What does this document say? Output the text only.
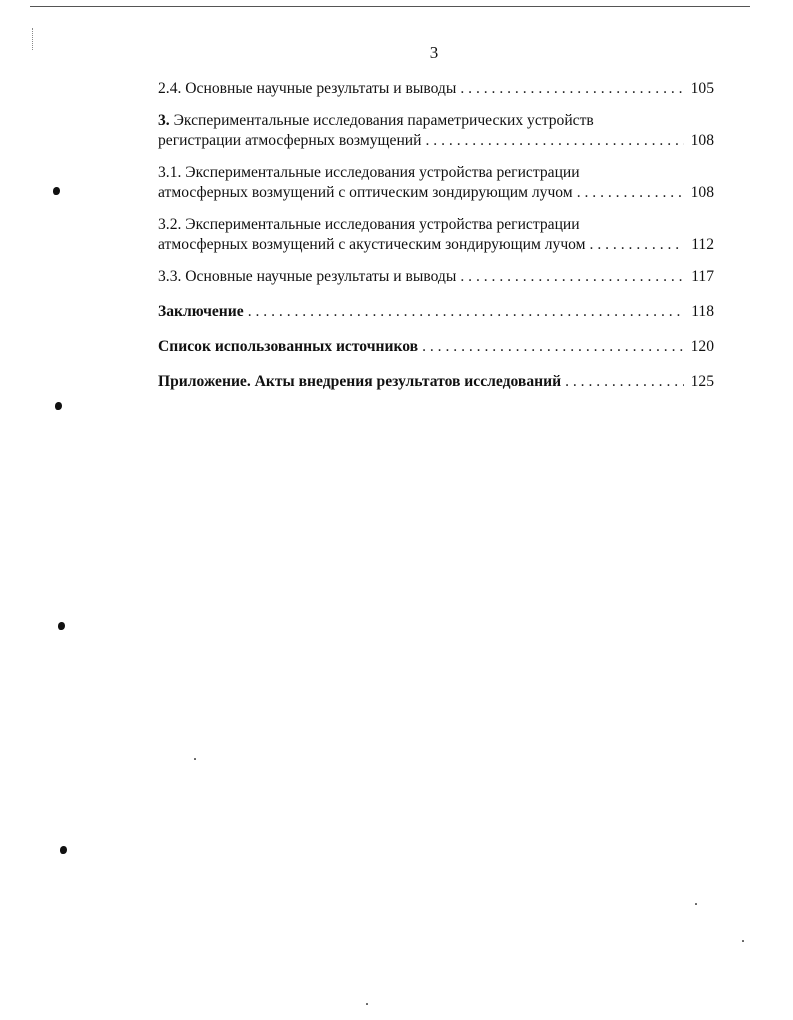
3
2.4. Основные научные результаты и выводы . . .	105
3. Экспериментальные исследования параметрических устройств
регистрации атмосферных возмущений . . .	108
3.1. Экспериментальные исследования устройства регистрации
атмосферных возмущений с оптическим зондирующим лучом . . .	108
3.2. Экспериментальные исследования устройства регистрации
атмосферных возмущений с акустическим зондирующим лучом . . .	112
3.3. Основные научные результаты и выводы . . .	117
Заключение . . .	118
Список использованных источников . . .	120
Приложение. Акты внедрения результатов исследований . . .	125
